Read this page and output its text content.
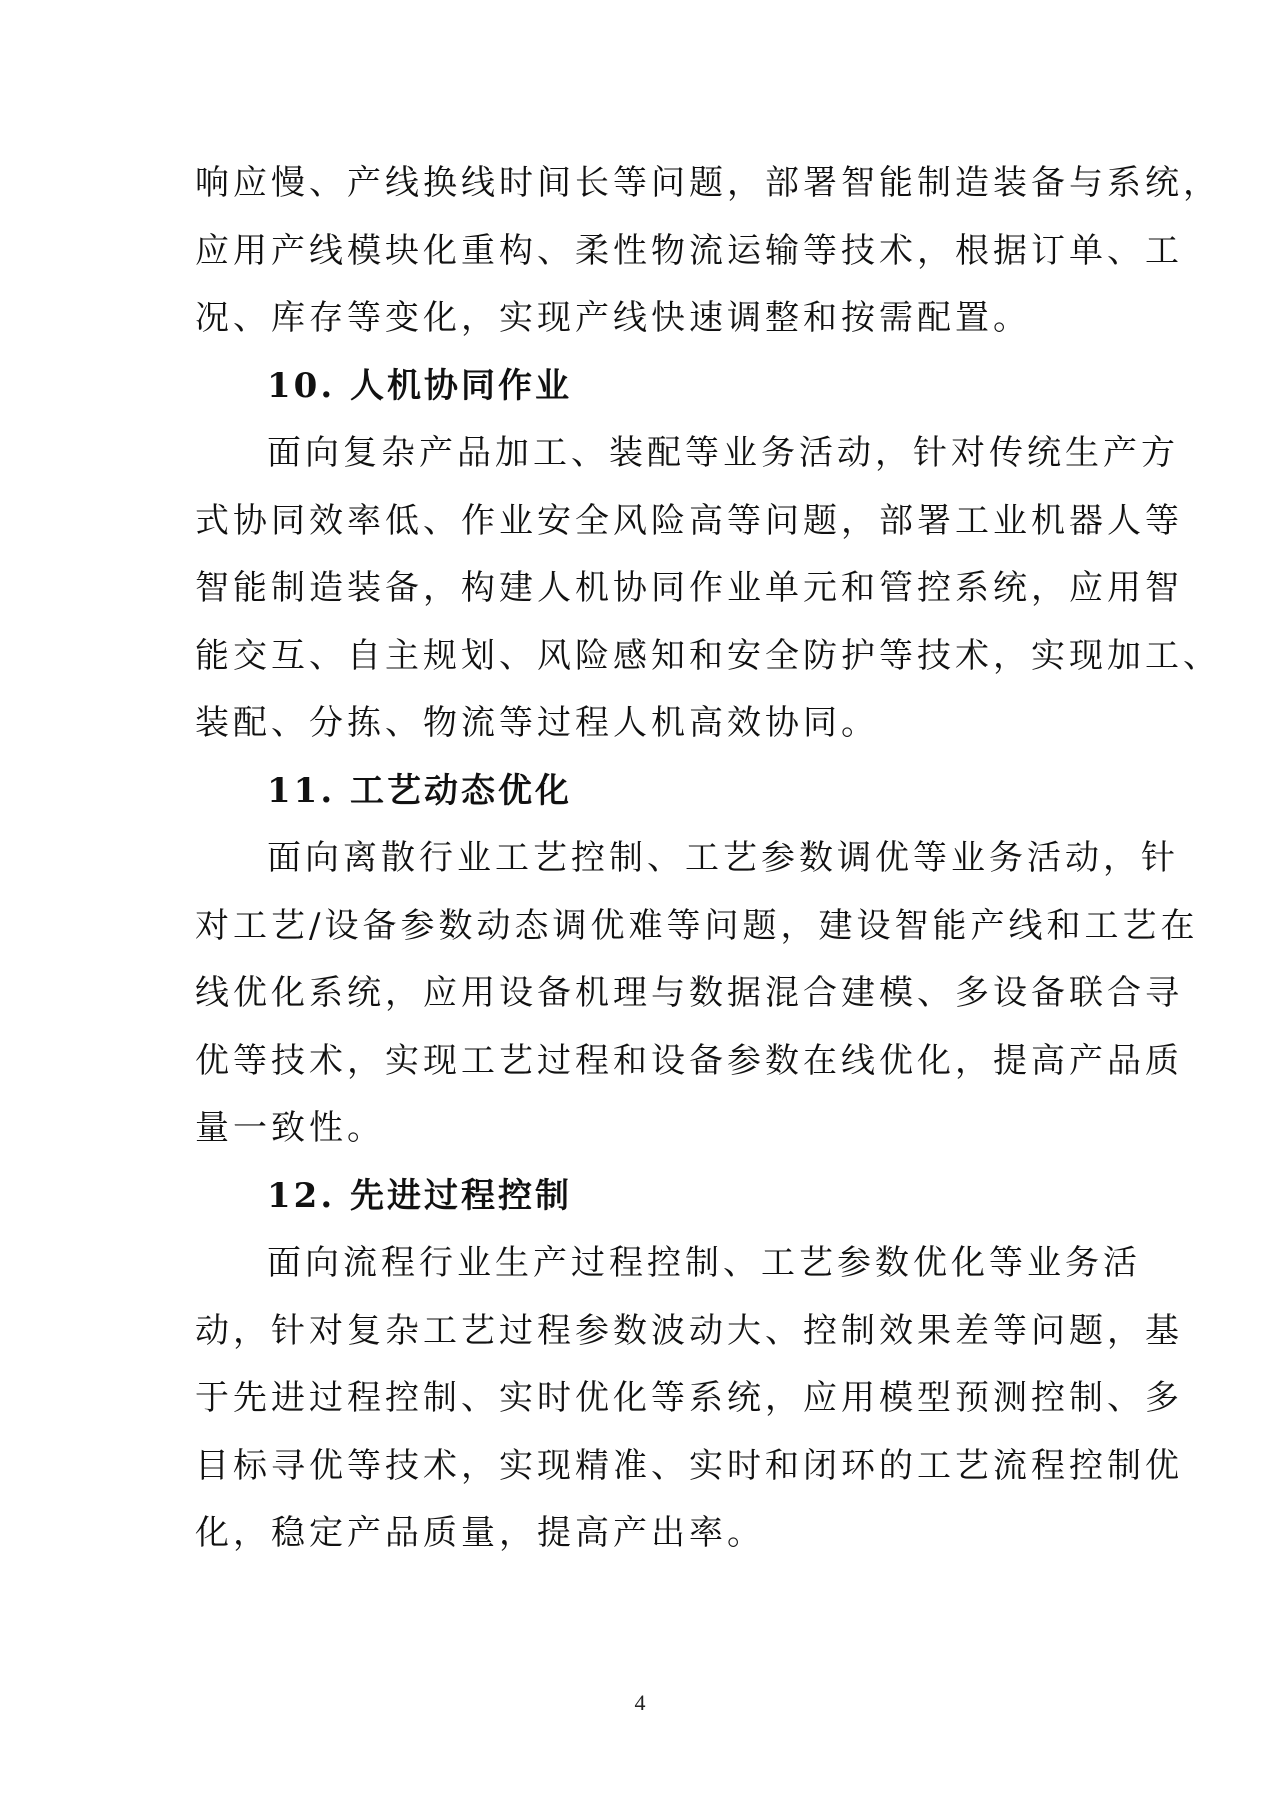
响应慢、产线换线时间长等问题，部署智能制造装备与系统，
应用产线模块化重构、柔性物流运输等技术，根据订单、工
况、库存等变化，实现产线快速调整和按需配置。

10. 人机协同作业

面向复杂产品加工、装配等业务活动，针对传统生产方
式协同效率低、作业安全风险高等问题，部署工业机器人等
智能制造装备，构建人机协同作业单元和管控系统，应用智
能交互、自主规划、风险感知和安全防护等技术，实现加工、
装配、分拣、物流等过程人机高效协同。

11. 工艺动态优化

面向离散行业工艺控制、工艺参数调优等业务活动，针
对工艺/设备参数动态调优难等问题，建设智能产线和工艺在
线优化系统，应用设备机理与数据混合建模、多设备联合寻
优等技术，实现工艺过程和设备参数在线优化，提高产品质
量一致性。

12. 先进过程控制

面向流程行业生产过程控制、工艺参数优化等业务活
动，针对复杂工艺过程参数波动大、控制效果差等问题，基
于先进过程控制、实时优化等系统，应用模型预测控制、多
目标寻优等技术，实现精准、实时和闭环的工艺流程控制优
化，稳定产品质量，提高产出率。

4
